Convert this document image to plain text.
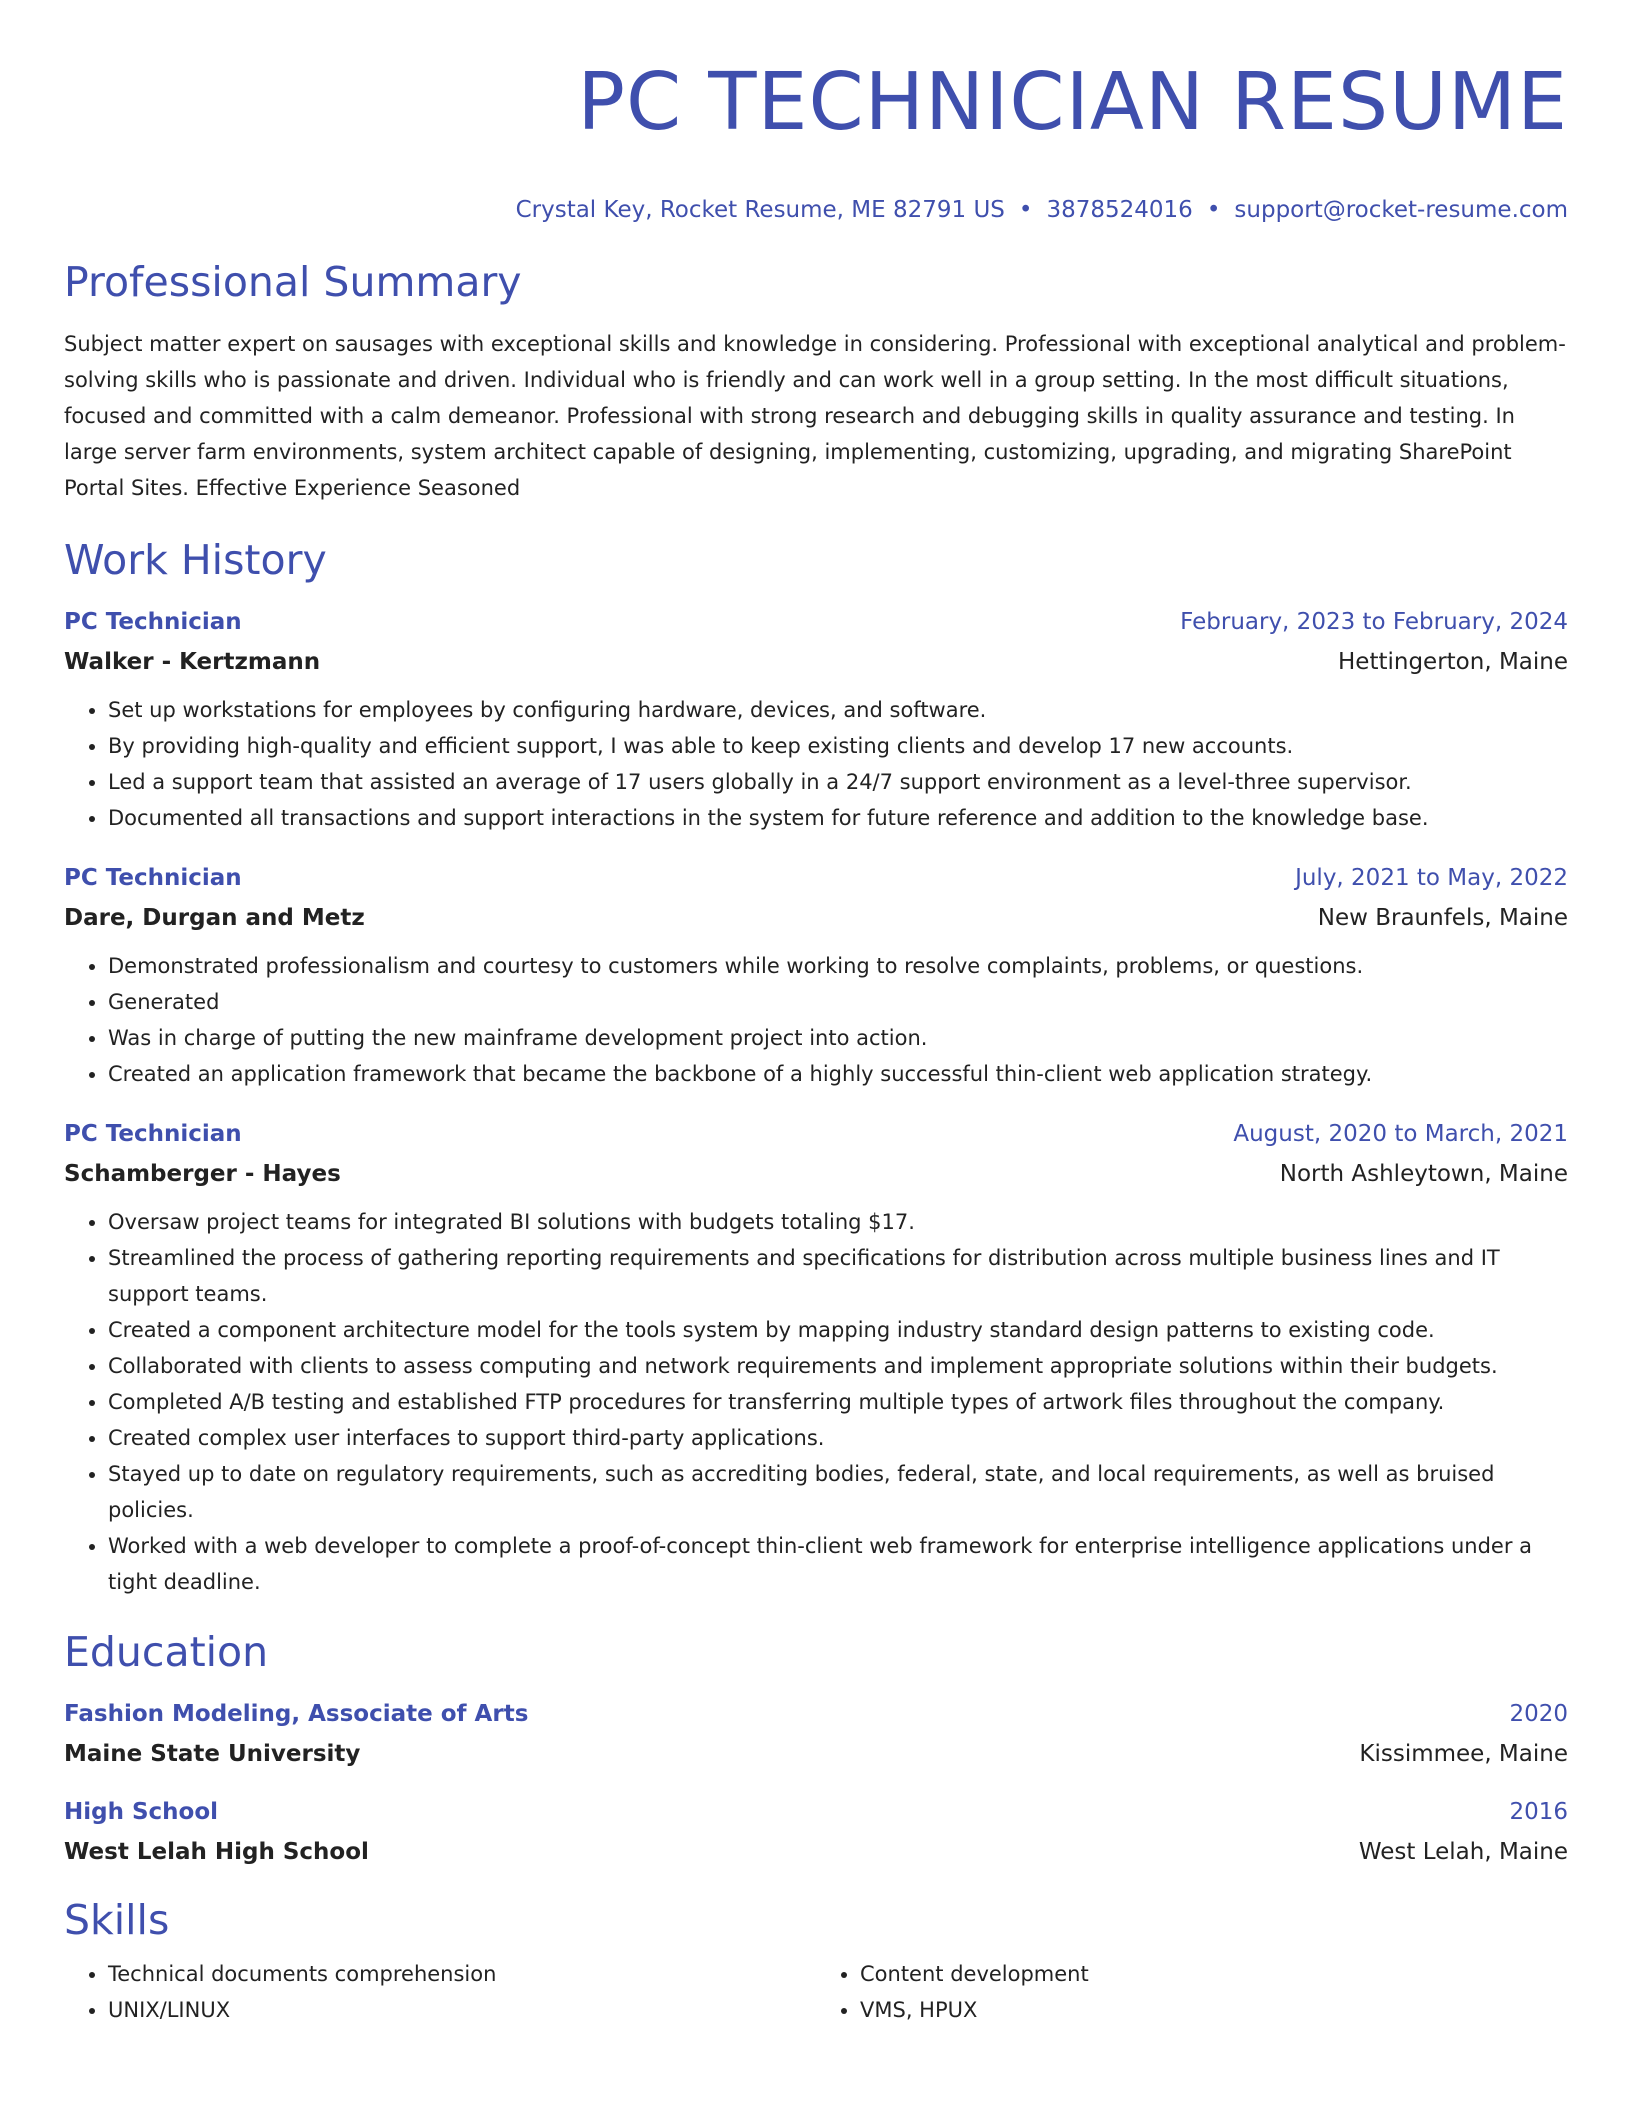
PC TECHNICIAN RESUME
Crystal Key, Rocket Resume, ME 82791 US • 3878524016 • support@rocket-resume.com
Professional Summary

Subject matter expert on sausages with exceptional skills and knowledge in considering. Professional with exceptional analytical and problem-solving skills who is passionate and driven. Individual who is friendly and can work well in a group setting. In the most difficult situations, focused and committed with a calm demeanor. Professional with strong research and debugging skills in quality assurance and testing. In large server farm environments, system architect capable of designing, implementing, customizing, upgrading, and migrating SharePoint Portal Sites. Effective Experience Seasoned

Work History
PC Technician	February, 2023 to February, 2024
Walker - Kertzmann	Hettingerton, Maine
• Set up workstations for employees by configuring hardware, devices, and software.
• By providing high-quality and efficient support, I was able to keep existing clients and develop 17 new accounts.
• Led a support team that assisted an average of 17 users globally in a 24/7 support environment as a level-three supervisor.
• Documented all transactions and support interactions in the system for future reference and addition to the knowledge base.
PC Technician	July, 2021 to May, 2022
Dare, Durgan and Metz	New Braunfels, Maine
• Demonstrated professionalism and courtesy to customers while working to resolve complaints, problems, or questions.
• Generated
• Was in charge of putting the new mainframe development project into action.
• Created an application framework that became the backbone of a highly successful thin-client web application strategy.
PC Technician	August, 2020 to March, 2021
Schamberger - Hayes	North Ashleytown, Maine
• Oversaw project teams for integrated BI solutions with budgets totaling $17.
• Streamlined the process of gathering reporting requirements and specifications for distribution across multiple business lines and IT support teams.
• Created a component architecture model for the tools system by mapping industry standard design patterns to existing code.
• Collaborated with clients to assess computing and network requirements and implement appropriate solutions within their budgets.
• Completed A/B testing and established FTP procedures for transferring multiple types of artwork files throughout the company.
• Created complex user interfaces to support third-party applications.
• Stayed up to date on regulatory requirements, such as accrediting bodies, federal, state, and local requirements, as well as bruised policies.
• Worked with a web developer to complete a proof-of-concept thin-client web framework for enterprise intelligence applications under a tight deadline.
Education
Fashion Modeling, Associate of Arts	2020
Maine State University	Kissimmee, Maine
High School	2016
West Lelah High School	West Lelah, Maine
Skills
• Technical documents comprehension
• UNIX/LINUX
• Content development
• VMS, HPUX
